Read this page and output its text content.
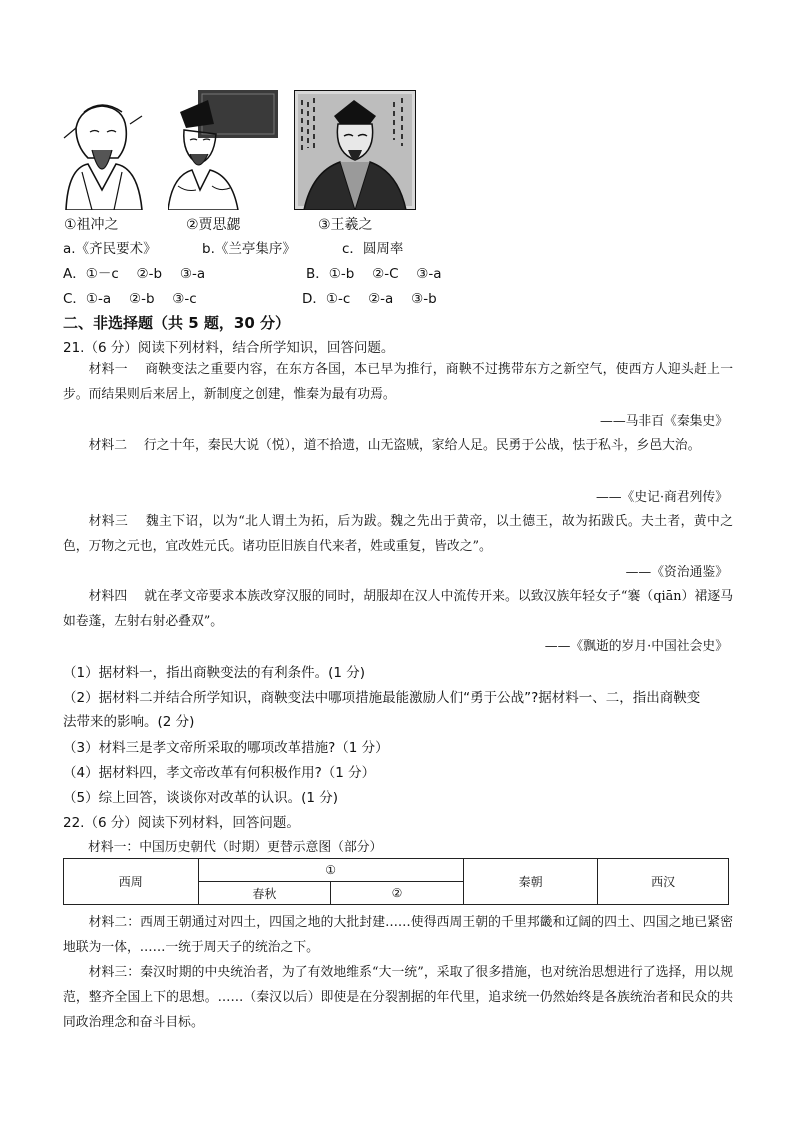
①祖冲之	②贾思勰	③王羲之
a.《齐民要术》	b.《兰亭集序》	c．圆周率
A．①－c　 ②-b　 ③-a	B．①-b　 ②-C　 ③-a
C．①-a　 ②-b　 ③-c	D．①-c　 ②-a　 ③-b
二、非选择题（共 5 题，30 分）
21.（6 分）阅读下列材料，结合所学知识，回答问题。
材料一　 商鞅变法之重要内容，在东方各国，本已早为推行，商鞅不过携带东方之新空气，使西方人迎头赶上一步。而结果则后来居上，新制度之创建，惟秦为最有功焉。
——马非百《秦集史》
材料二　 行之十年，秦民大说（悦），道不拾遗，山无盗贼，家给人足。民勇于公战，怯于私斗，乡邑大治。
——《史记·商君列传》
材料三　 魏主下诏，以为“北人谓土为拓，后为跋。魏之先出于黄帝，以土德王，故为拓跋氏。夫土者，黄中之色，万物之元也，宜改姓元氏。诸功臣旧族自代来者，姓或重复，皆改之”。
——《资治通鉴》
材料四　 就在孝文帝要求本族改穿汉服的同时，胡服却在汉人中流传开来。以致汉族年轻女子“褰（qiān）裙逐马如卷蓬，左射右射必叠双”。
——《飘逝的岁月·中国社会史》
（1）据材料一，指出商鞅变法的有利条件。(1 分)
（2）据材料二并结合所学知识，商鞅变法中哪项措施最能激励人们“勇于公战”?据材料一、二，指出商鞅变
法带来的影响。(2 分)
（3）材料三是孝文帝所采取的哪项改革措施?（1 分）
（4）据材料四，孝文帝改革有何积极作用?（1 分）
（5）综上回答，谈谈你对改革的认识。(1 分)
22.（6 分）阅读下列材料，回答问题。
材料一：中国历史朝代（时期）更替示意图（部分）
西周	①		秦朝	西汉
	春秋	②		
材料二：西周王朝通过对四土，四国之地的大批封建……使得西周王朝的千里邦畿和辽阔的四土、四国之地已紧密地联为一体，……一统于周天子的统治之下。
材料三：秦汉时期的中央统治者，为了有效地维系“大一统”，采取了很多措施，也对统治思想进行了选择，用以规范，整齐全国上下的思想。……（秦汉以后）即使是在分裂割据的年代里，追求统一仍然始终是各族统治者和民众的共同政治理念和奋斗目标。
